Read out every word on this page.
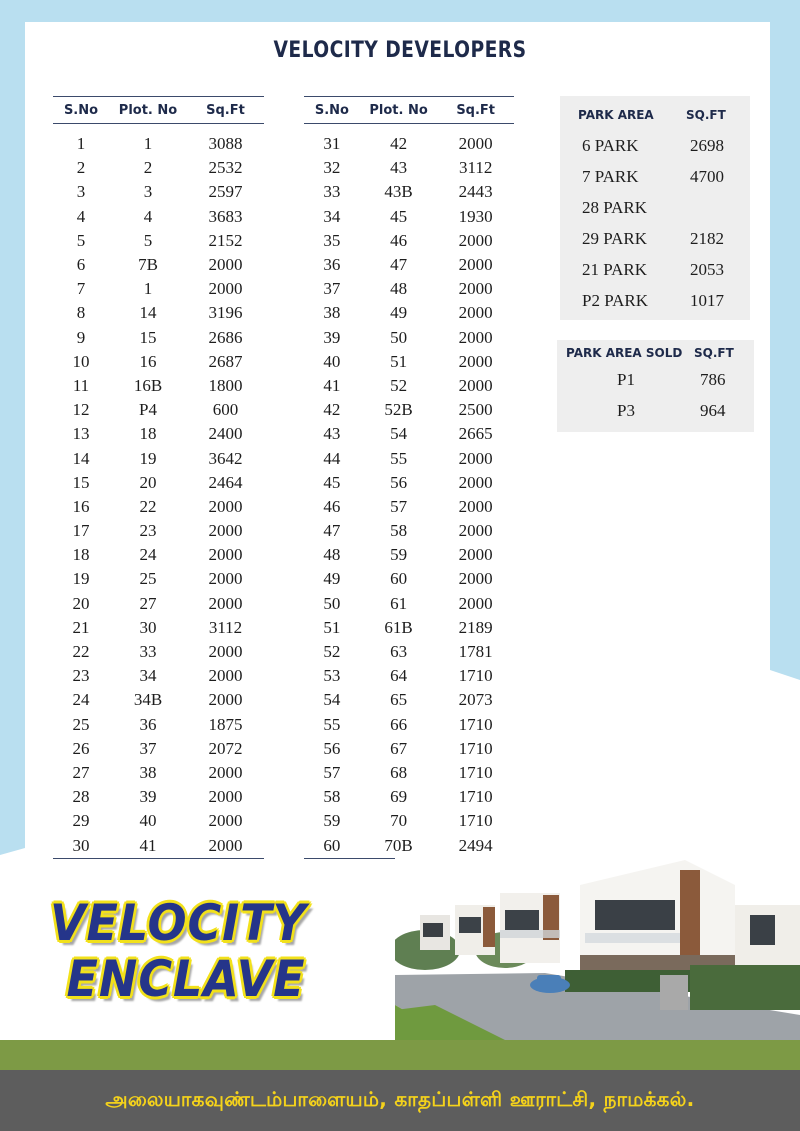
VELOCITY DEVELOPERS
S.No	Plot. No	Sq.Ft
1	1	3088
2	2	2532
3	3	2597
4	4	3683
5	5	2152
6	7B	2000
7	1	2000
8	14	3196
9	15	2686
10	16	2687
11	16B	1800
12	P4	600
13	18	2400
14	19	3642
15	20	2464
16	22	2000
17	23	2000
18	24	2000
19	25	2000
20	27	2000
21	30	3112
22	33	2000
23	34	2000
24	34B	2000
25	36	1875
26	37	2072
27	38	2000
28	39	2000
29	40	2000
30	41	2000

S.No	Plot. No	Sq.Ft
31	42	2000
32	43	3112
33	43B	2443
34	45	1930
35	46	2000
36	47	2000
37	48	2000
38	49	2000
39	50	2000
40	51	2000
41	52	2000
42	52B	2500
43	54	2665
44	55	2000
45	56	2000
46	57	2000
47	58	2000
48	59	2000
49	60	2000
50	61	2000
51	61B	2189
52	63	1781
53	64	1710
54	65	2073
55	66	1710
56	67	1710
57	68	1710
58	69	1710
59	70	1710
60	70B	2494

PARK AREA	SQ.FT
6 PARK	2698
7 PARK	4700
28 PARK
29 PARK	2182
21 PARK	2053
P2 PARK	1017
PARK AREA SOLD SQ.FT
P1	786
P3	964
VELOCITY
ENCLAVE
அலையாகவுண்டம்பாளையம், காதப்பள்ளி ஊராட்சி, நாமக்கல்.
